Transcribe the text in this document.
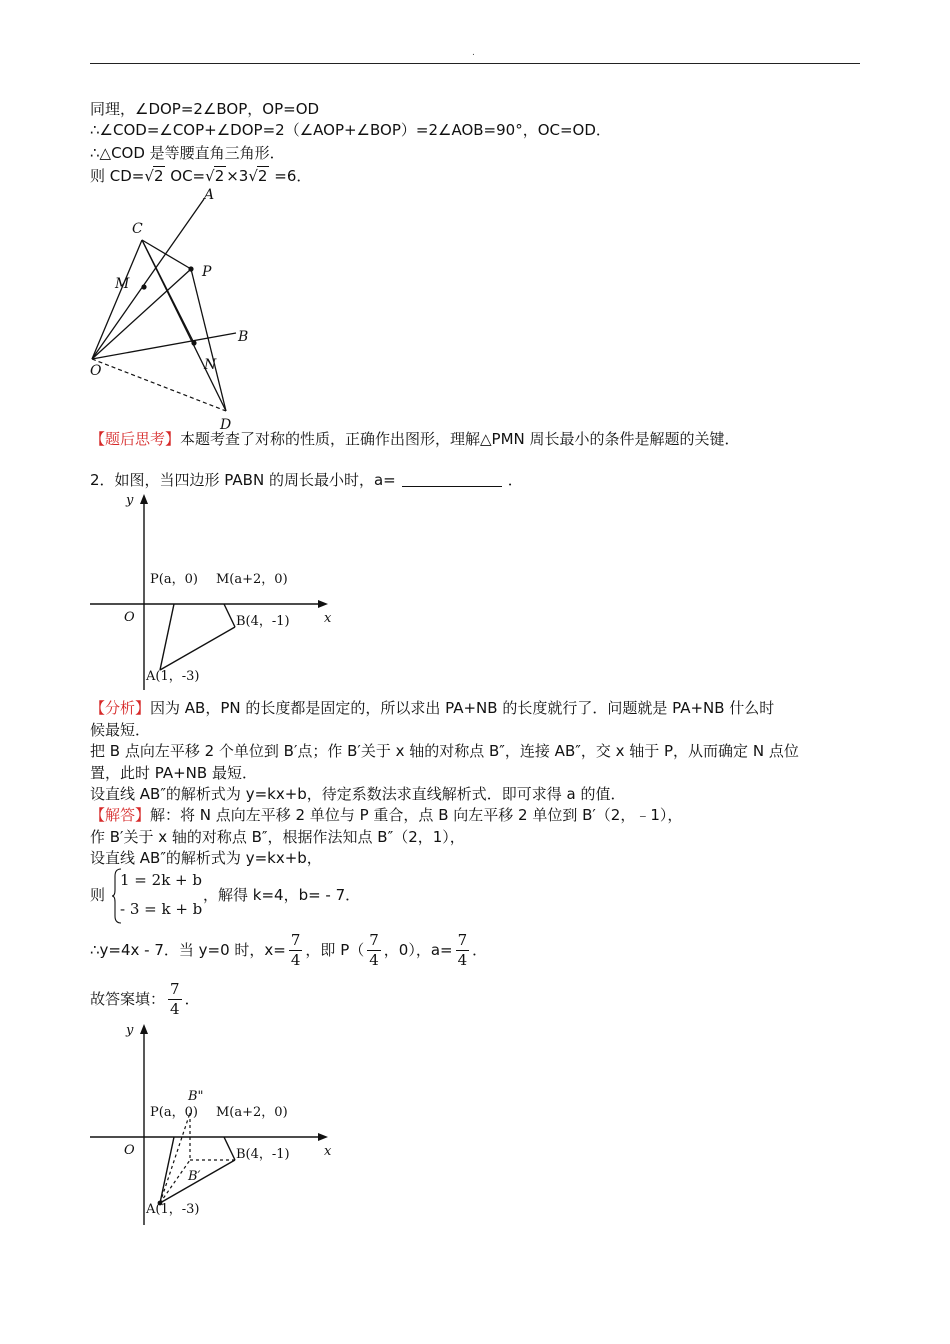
.
同理，∠DOP=2∠BOP，OP=OD
∴∠COD=∠COP+∠DOP=2（∠AOP+∠BOP）=2∠AOB=90°，OC=OD．
∴△COD 是等腰直角三角形．
则 CD=√2 OC=√2 ×3√2 =6．
A
C
P
M
B
N
O
D
【题后思考】本题考查了对称的性质，正确作出图形，理解△PMN 周长最小的条件是解题的关键．
2．如图，当四边形 PABN 的周长最小时，a=	．
y
x
O
P(a，0) M(a+2，0)
B(4，-1)
A(1，-3)
【分析】因为 AB，PN 的长度都是固定的，所以求出 PA+NB 的长度就行了．问题就是 PA+NB 什么时
候最短．
把 B 点向左平移 2 个单位到 B′点；作 B′关于 x 轴的对称点 B″，连接 AB″，交 x 轴于 P，从而确定 N 点位
置，此时 PA+NB 最短．
设直线 AB″的解析式为 y=kx+b，待定系数法求直线解析式．即可求得 a 的值．
【解答】解：将 N 点向左平移 2 单位与 P 重合，点 B 向左平移 2 单位到 B′（2，﹣1），
作 B′关于 x 轴的对称点 B″，根据作法知点 B″（2，1），
设直线 AB″的解析式为 y=kx+b，
则
1 = 2k + b
- 3 = k + b
，解得 k=4，b= - 7．
∴y=4x - 7．当 y=0 时，$x= \frac{7}{4}$ ，即 $P( \frac{7}{4}$ ，0），$a= \frac{7}{4}$ ．
故答案填： $\frac{7}{4}$ ．
y
x
O
B"
P(a，0) M(a+2，0)
B(4，-1)
B′
A(1，-3)
